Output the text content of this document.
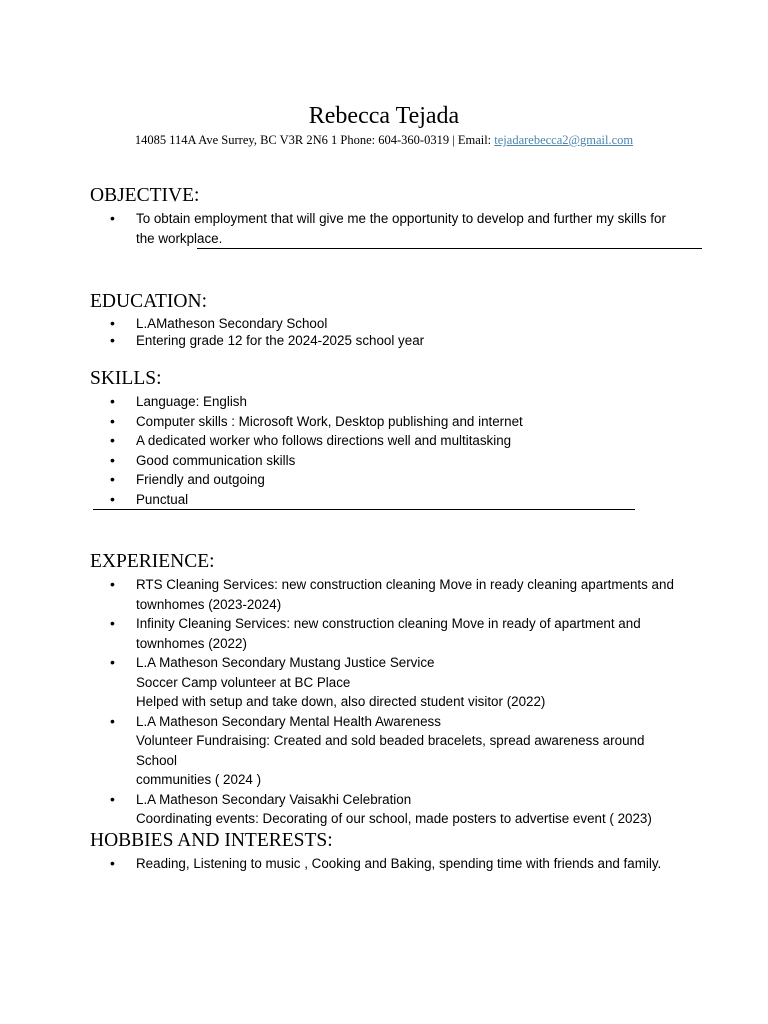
Rebecca Tejada
14085 114A Ave Surrey, BC V3R 2N6 1 Phone: 604-360-0319 | Email: tejadarebecca2@gmail.com
OBJECTIVE:
• To obtain employment that will give me the opportunity to develop and further my skills for
the workplace.
EDUCATION:
• L.AMatheson Secondary School
• Entering grade 12 for the 2024-2025 school year
SKILLS:
• Language: English
• Computer skills : Microsoft Work, Desktop publishing and internet
• A dedicated worker who follows directions well and multitasking
• Good communication skills
• Friendly and outgoing
• Punctual
EXPERIENCE:
• RTS Cleaning Services: new construction cleaning Move in ready cleaning apartments and
townhomes (2023-2024)
• Infinity Cleaning Services: new construction cleaning Move in ready of apartment and
townhomes (2022)
• L.A Matheson Secondary Mustang Justice Service
Soccer Camp volunteer at BC Place
Helped with setup and take down, also directed student visitor (2022)
• L.A Matheson Secondary Mental Health Awareness
Volunteer Fundraising: Created and sold beaded bracelets, spread awareness around School
communities ( 2024 )
• L.A Matheson Secondary Vaisakhi Celebration
Coordinating events: Decorating of our school, made posters to advertise event ( 2023)
HOBBIES AND INTERESTS:
• Reading, Listening to music , Cooking and Baking, spending time with friends and family.
